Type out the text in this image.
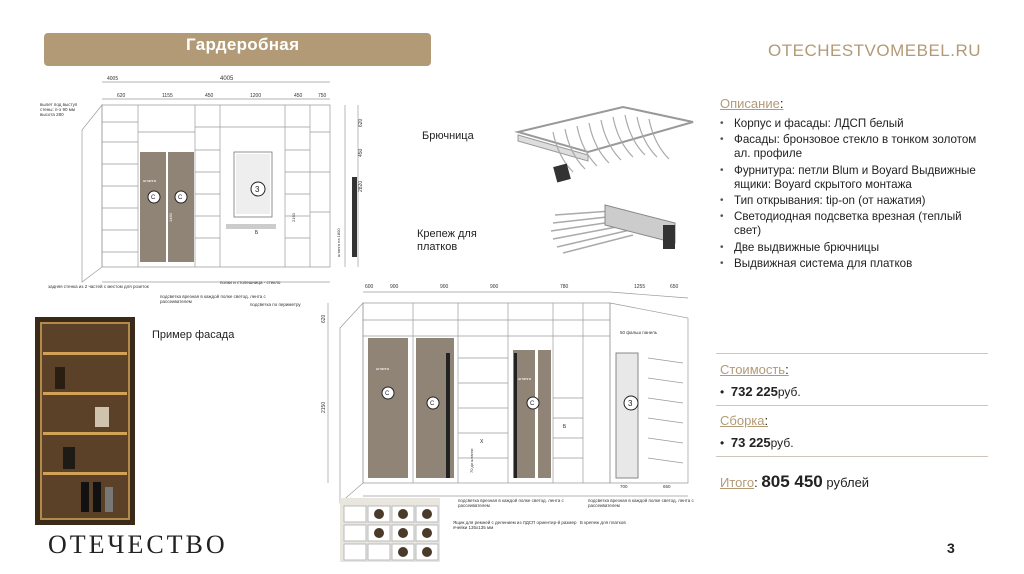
Гардеробная	OTECHESTVOMEBEL.RU
4005	4005
620	1155	450	1200	450	750
620
450
2820
С	С
3
Б
штанга
1460	2150
штанга на 1800
вылет под выступ стены: п-э 90 мм высота 280
задняя стенка из 2 частей с местом для розеток
подсветка врезная в каждой полке светод. лента с рассеивателем
полки и столешница - стекло
подсветка по периметру
Брючница
Крепеж для платков
Пример фасада
600	900	900	900	780	1255	650
2150
620
С
С	С	3
штанга
штанга
X
Б
70 до штанги
50 фальш панель
700	650
подсветка врезная в каждой полке светод. лента с рассеивателем
подсветка врезная в каждой полке светод. лента с рассеивателем
Ящик для ремней с делением из ЛДСП ориентир-й размер ячейки 135х135 мм
Б крепеж для платков
Описание:
• Корпус и фасады: ЛДСП белый
• Фасады: бронзовое стекло в тонком золотом ал. профиле
• Фурнитура: петли Blum и Boyard Выдвижные ящики: Boyard скрытого монтажа
• Тип открывания: tip-on (от нажатия)
• Светодиодная подсветка врезная (теплый свет)
• Две выдвижные брючницы
• Выдвижная система для платков
Стоимость:
•  732 225руб.
Сборка:
•  73 225руб.
Итого: 805 450 рублей
ОТЕЧЕСТВО	3
